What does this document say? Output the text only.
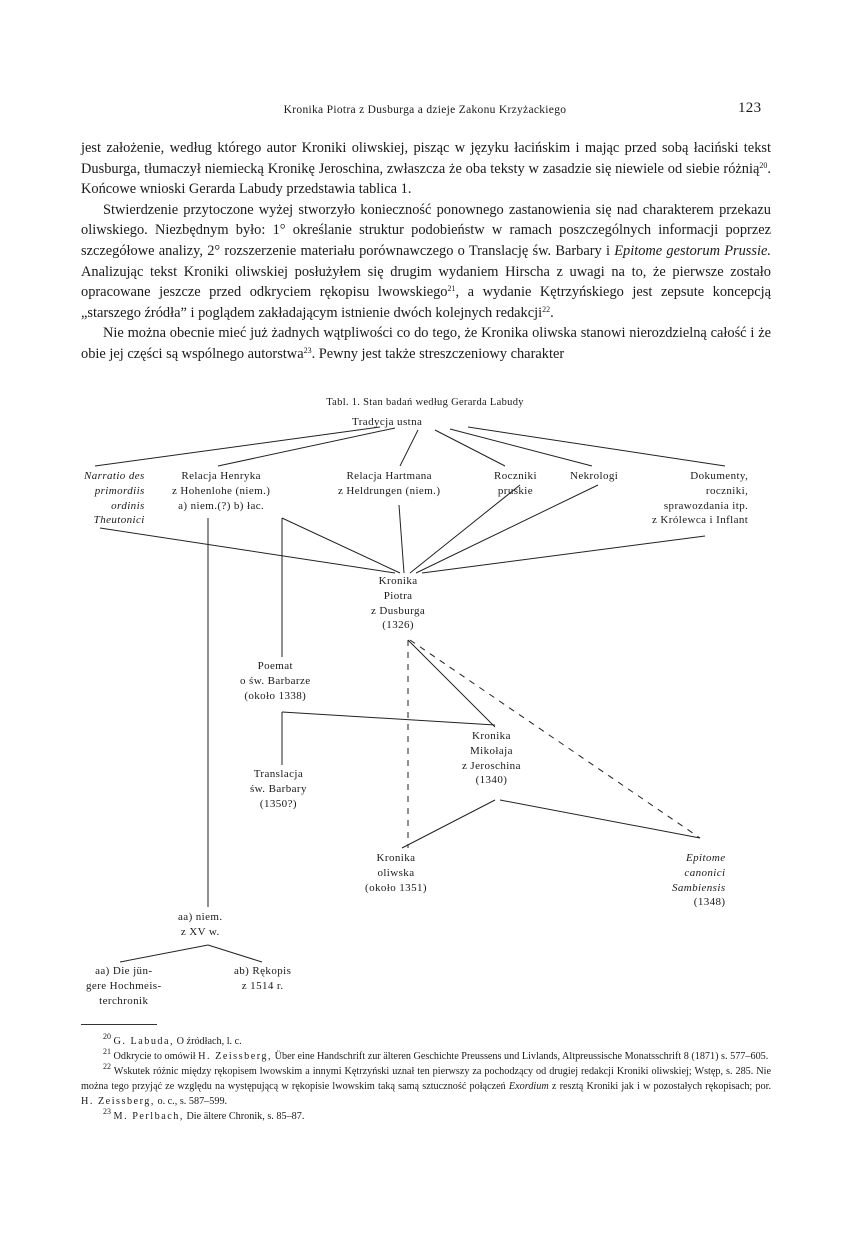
Kronika Piotra z Dusburga a dzieje Zakonu Krzyżackiego	123

jest założenie, według którego autor Kroniki oliwskiej, pisząc w języku łacińskim i mając przed sobą łaciński tekst Dusburga, tłumaczył niemiecką Kronikę Jeroschina, zwłaszcza że oba teksty w zasadzie się niewiele od siebie różnią$^{20}$. Końcowe wnioski Gerarda Labudy przedstawia tablica 1.

Stwierdzenie przytoczone wyżej stworzyło konieczność ponownego zastanowienia się nad charakterem przekazu oliwskiego. Niezbędnym było: 1° określanie struktur podobieństw w ramach poszczególnych informacji poprzez szczegółowe analizy, 2° rozszerzenie materiału porównawczego o Translację św. Barbary i Epitome gestorum Prussie. Analizując tekst Kroniki oliwskiej posłużyłem się drugim wydaniem Hirscha z uwagi na to, że pierwsze zostało opracowane jeszcze przed odkryciem rękopisu lwowskiego$^{21}$, a wydanie Kętrzyńskiego jest zepsute koncepcją „starszego źródła” i poglądem zakładającym istnienie dwóch kolejnych redakcji$^{22}$.

Nie można obecnie mieć już żadnych wątpliwości co do tego, że Kronika oliwska stanowi nierozdzielną całość i że obie jej części są wspólnego autorstwa$^{23}$. Pewny jest także streszczeniowy charakter

Tabl. 1. Stan badań według Gerarda Labudy
Tradycja ustna
Narratio des
primordiis
ordinis
Theutonici
Relacja Henryka
z Hohenlohe (niem.)
a) niem.(?) b) łac.
Relacja Hartmana
z Heldrungen (niem.)
Roczniki
pruskie
Nekrologi	Dokumenty,
roczniki,
sprawozdania itp.
z Królewca i Inflant
Kronika
Piotra
z Dusburga
(1326)
Poemat
o św. Barbarze
(około 1338)
Kronika
Mikołaja
z Jeroschina
(1340)
Translacja
św. Barbary
(1350?)
Kronika
oliwska
(około 1351)
Epitome
canonici
Sambiensis
(1348)
aa) niem.
z XV w.
aa) Die jün-
gere Hochmeis-
terchronik
ab) Rękopis
z 1514 r.

$^{20}$ G. Labuda, O źródłach, l. c.

$^{21}$ Odkrycie to omówił H. Zeissberg, Über eine Handschrift zur älteren Geschichte Preussens und Livlands, Altpreussische Monatsschrift 8 (1871) s. 577–605.

$^{22}$ Wskutek różnic między rękopisem lwowskim a innymi Kętrzyński uznał ten pierwszy za pochodzący od drugiej redakcji Kroniki oliwskiej; Wstęp, s. 285. Nie można tego przyjąć ze względu na występującą w rękopisie lwowskim taką samą sztuczność połączeń Exordium z resztą Kroniki jak i w pozostałych rękopisach; por. H. Zeissberg, o. c., s. 587–599.

$^{23}$ M. Perlbach, Die ältere Chronik, s. 85–87.
